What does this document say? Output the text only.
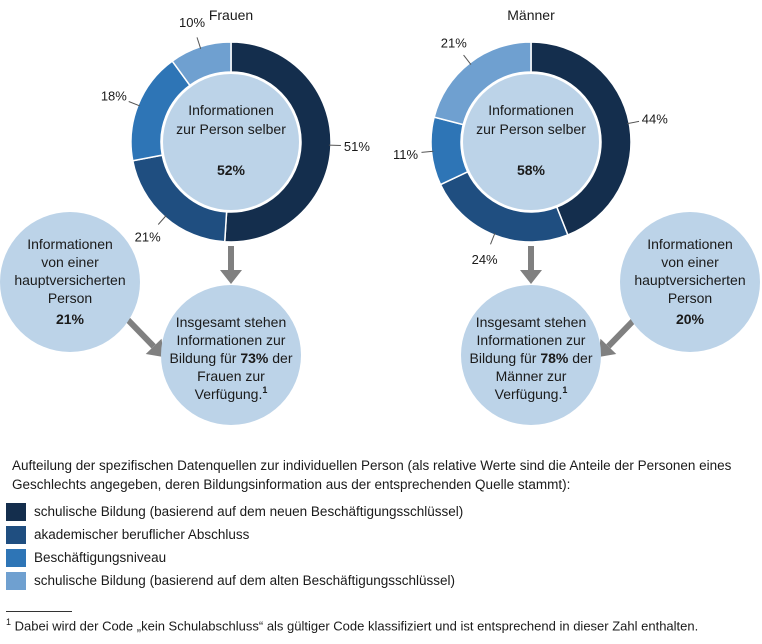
Frauen
51%
21%
18%
10%
Informationen
zur Person selber
52%
Informationen
von einer
hauptversicherten
Person
21%	Insgesamt stehen
Informationen zur
Bildung für 73% der
Frauen zur
Verfügung.$^1$
Männer
44%
24%
11%
21%
Informationen
zur Person selber
58%
Informationen
von einer
hauptversicherten
Person
20%
Insgesamt stehen
Informationen zur
Bildung für 78% der
Männer zur
Verfügung.$^1$
Aufteilung der spezifischen Datenquellen zur individuellen Person (als relative Werte sind die Anteile der Personen eines Geschlechts angegeben, deren Bildungsinformation aus der entsprechenden Quelle stammt):
schulische Bildung (basierend auf dem neuen Beschäftigungsschlüssel)
akademischer beruflicher Abschluss
Beschäftigungsniveau
schulische Bildung (basierend auf dem alten Beschäftigungsschlüssel)
$^1$ Dabei wird der Code „kein Schulabschluss“ als gültiger Code klassifiziert und ist entsprechend in dieser Zahl enthalten.
